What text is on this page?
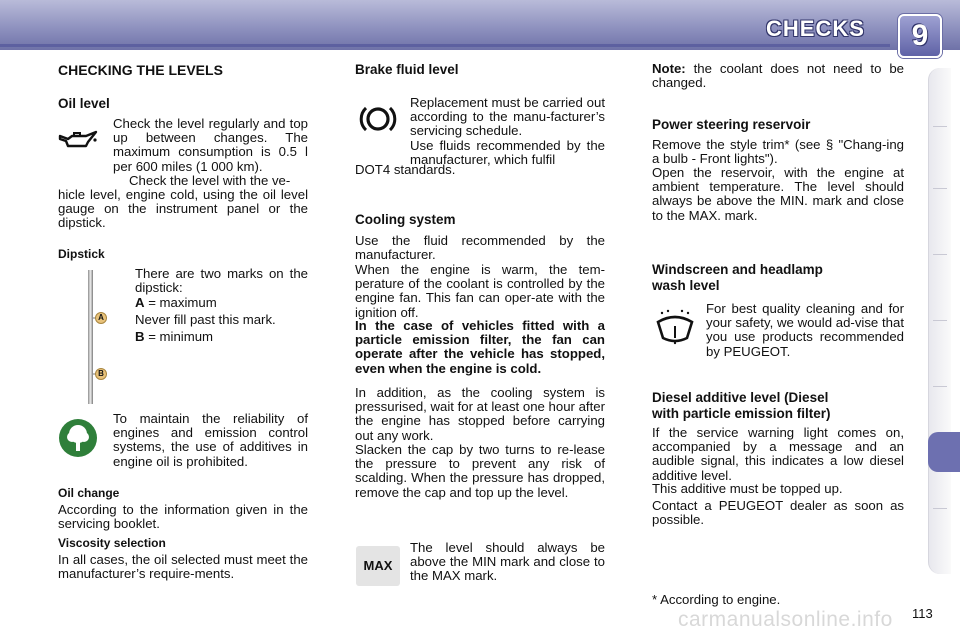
CHECKS	9
CHECKING THE LEVELS
Oil level
Check the level regularly and top up between changes. The maximum consumption is 0.5 l per 600 miles (1 000 km).
Check the level with the ve-
hicle level, engine cold, using the oil level gauge on the instrument panel or the dipstick.
Dipstick
There are two marks on the dipstick:
A = maximum
Never fill past this mark.
B = minimum
A
B
To maintain the reliability of engines and emission control systems, the use of additives in engine oil is prohibited.
Oil change
According to the information given in the servicing booklet.
Viscosity selection
In all cases, the oil selected must meet the manufacturer’s require-ments.
Brake fluid level
Replacement must be carried out according to the manu-facturer’s servicing schedule.
Use fluids recommended by the manufacturer, which fulfil
DOT4 standards.
Cooling system
Use the fluid recommended by the manufacturer.
When the engine is warm, the tem-perature of the coolant is controlled by the engine fan. This fan can oper-ate with the ignition off.
In the case of vehicles fitted with a particle emission filter, the fan can operate after the vehicle has stopped, even when the engine is cold.
In addition, as the cooling system is pressurised, wait for at least one hour after the engine has stopped before carrying out any work.
Slacken the cap by two turns to re-lease the pressure to prevent any risk of scalding. When the pressure has dropped, remove the cap and top up the level.
MAX
The level should always be above the MIN mark and close to the MAX mark.
Note: the coolant does not need to be changed.
Power steering reservoir
Remove the style trim* (see § "Chang-ing a bulb - Front lights").
Open the reservoir, with the engine at ambient temperature. The level should always be above the MIN. mark and close to the MAX. mark.
Windscreen and headlamp
wash level
For best quality cleaning and for your safety, we would ad-vise that you use products recommended by PEUGEOT.
Diesel additive level (Diesel
with particle emission filter)
If the service warning light comes on, accompanied by a message and an audible signal, this indicates a low diesel additive level.
This additive must be topped up.
Contact a PEUGEOT dealer as soon as possible.
* According to engine.
carmanualsonline.info 113
